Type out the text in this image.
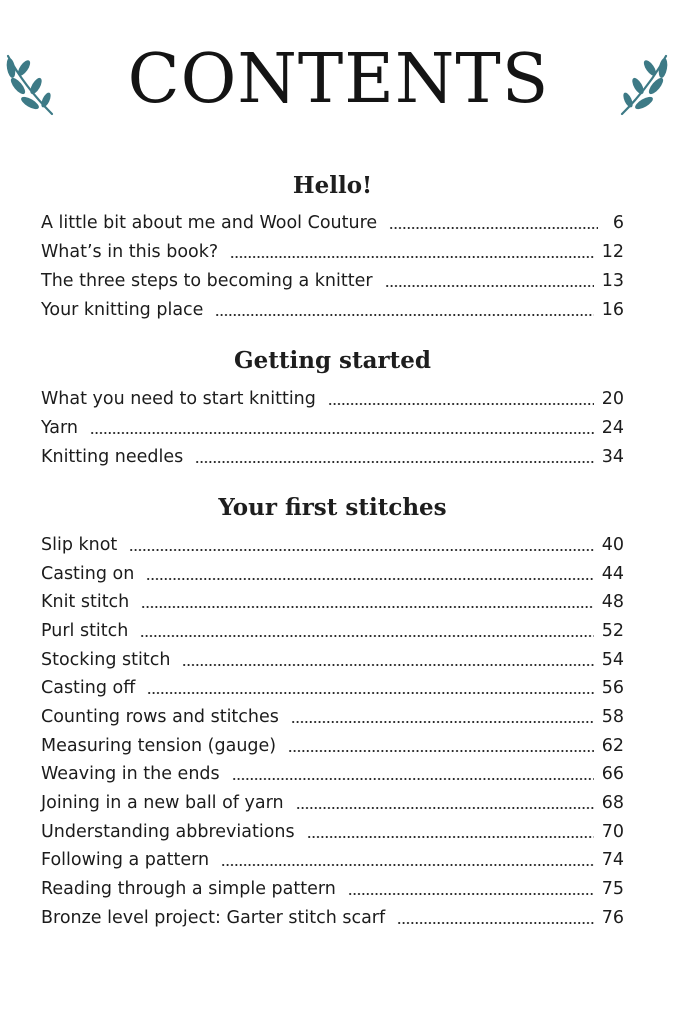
CONTENTS
Hello!
A little bit about me and Wool Couture	6
What’s in this book?	12
The three steps to becoming a knitter	13
Your knitting place	16
Getting started
What you need to start knitting	20
Yarn	24
Knitting needles	34
Your first stitches
Slip knot	40
Casting on	44
Knit stitch	48
Purl stitch	52
Stocking stitch	54
Casting off	56
Counting rows and stitches	58
Measuring tension (gauge)	62
Weaving in the ends	66
Joining in a new ball of yarn	68
Understanding abbreviations	70
Following a pattern	74
Reading through a simple pattern	75
Bronze level project: Garter stitch scarf	76
